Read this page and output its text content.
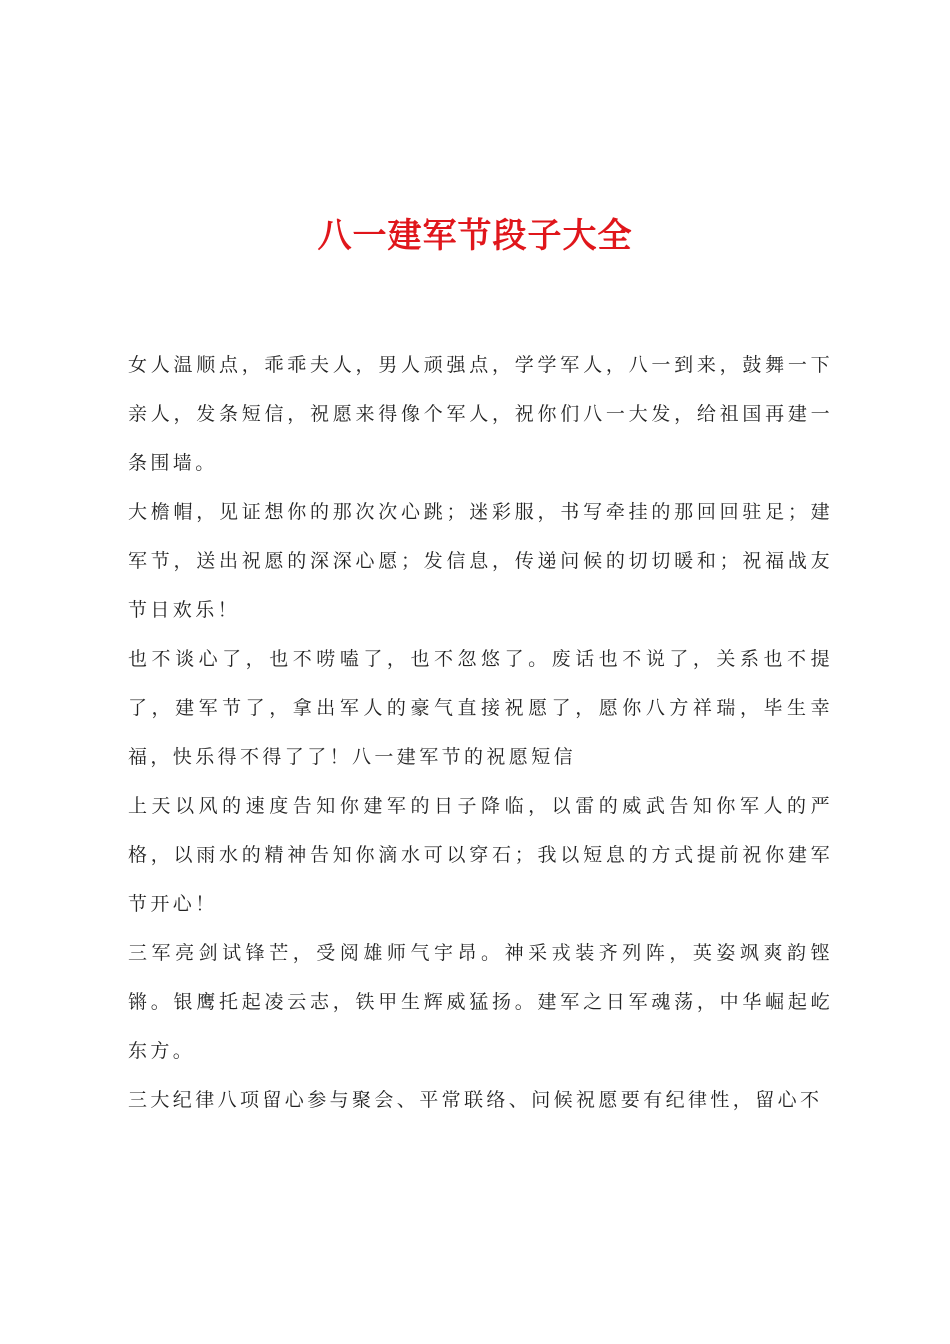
八一建军节段子大全

女人温顺点，乖乖夫人，男人顽强点，学学军人，八一到来，鼓舞一下亲人，发条短信，祝愿来得像个军人，祝你们八一大发，给祖国再建一条围墙。

大檐帽，见证想你的那次次心跳；迷彩服，书写牵挂的那回回驻足；建军节，送出祝愿的深深心愿；发信息，传递问候的切切暖和；祝福战友节日欢乐！

也不谈心了，也不唠嗑了，也不忽悠了。废话也不说了，关系也不提了，建军节了，拿出军人的豪气直接祝愿了，愿你八方祥瑞，毕生幸福，快乐得不得了了！八一建军节的祝愿短信

上天以风的速度告知你建军的日子降临，以雷的威武告知你军人的严格，以雨水的精神告知你滴水可以穿石；我以短息的方式提前祝你建军节开心！

三军亮剑试锋芒，受阅雄师气宇昂。神采戎装齐列阵，英姿飒爽韵铿锵。银鹰托起凌云志，铁甲生辉威猛扬。建军之日军魂荡，中华崛起屹东方。

三大纪律八项留心参与聚会、平常联络、问候祝愿要有纪律性，留心不
